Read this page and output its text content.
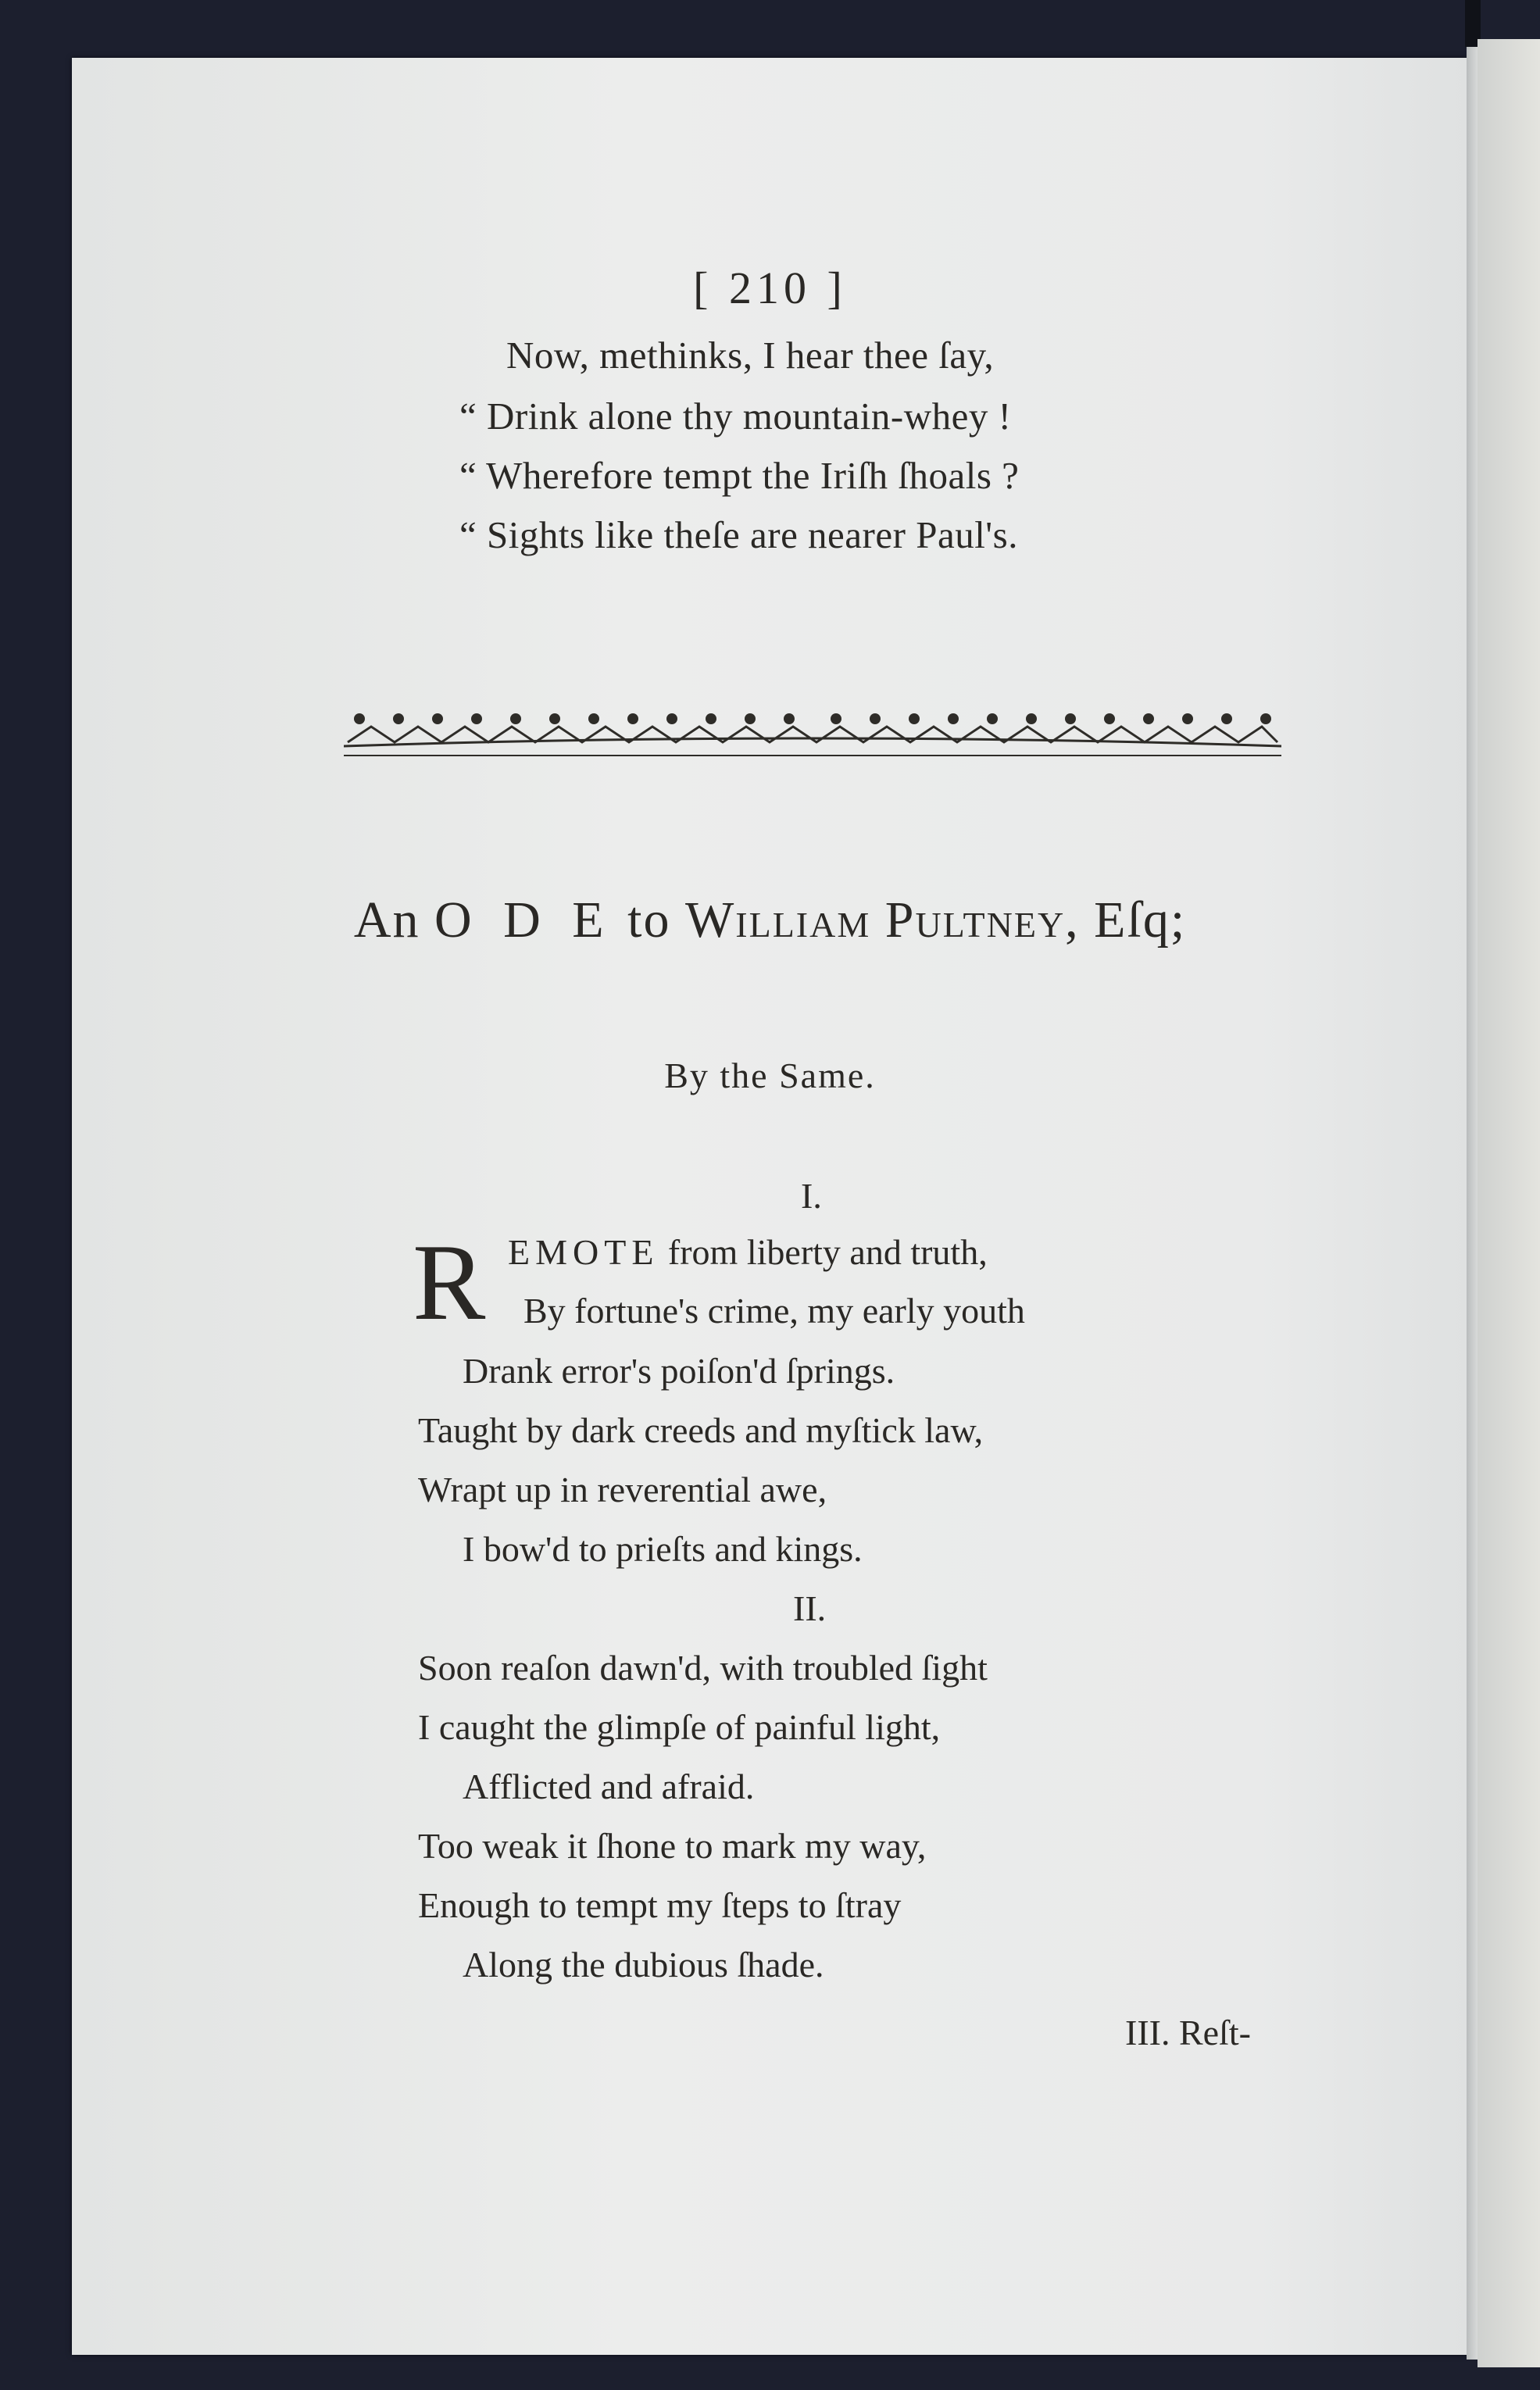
[ 210 ]
Now, methinks, I hear thee ſay,
“ Drink alone thy mountain-whey !
“ Wherefore tempt the Iriſh ſhoals ?
“ Sights like theſe are nearer Paul's.
An O D E to William Pultney, Eſq;
By the Same.
I.
R EMOTE from liberty and truth,
By fortune's crime, my early youth
Drank error's poiſon'd ſprings.
Taught by dark creeds and myſtick law,
Wrapt up in reverential awe,
I bow'd to prieſts and kings.
II.
Soon reaſon dawn'd, with troubled ſight
I caught the glimpſe of painful light,
Afflicted and afraid.
Too weak it ſhone to mark my way,
Enough to tempt my ſteps to ſtray
Along the dubious ſhade.
III. Reſt-
